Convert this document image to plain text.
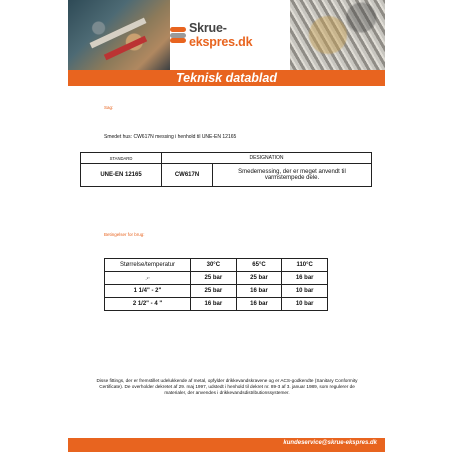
Skrue-ekspres.dk
Teknisk datablad
Sag:
Smedet hus: CW617N messing i henhold til UNE-EN 12165
STANDARD	DESIGNATION	
UNE-EN 12165	CW617N	Smedemessing, der er meget anvendt til varmstempede dele.
Betingelser for brug:
Størrelse/temperatur	30°C	65°C	110°C
-¹"	25 bar	25 bar	16 bar
1 1/4" - 2"	25 bar	16 bar	10 bar
2 1/2" - 4 "	16 bar	16 bar	10 bar
Disse fittings, der er fremstillet udelukkende af metal, opfylder drikkevandskravene og er ACS-godkendte (Sanitary Conformity Certificate). De overholder dekretet af 29. maj 1997, udstedt i henhold til dekret nr. 89-3 af 3. januar 1989, som regulerer de materialer, der anvendes i drikkevandsdistributionssystemer.
kundeservice@skrue-ekspres.dk
